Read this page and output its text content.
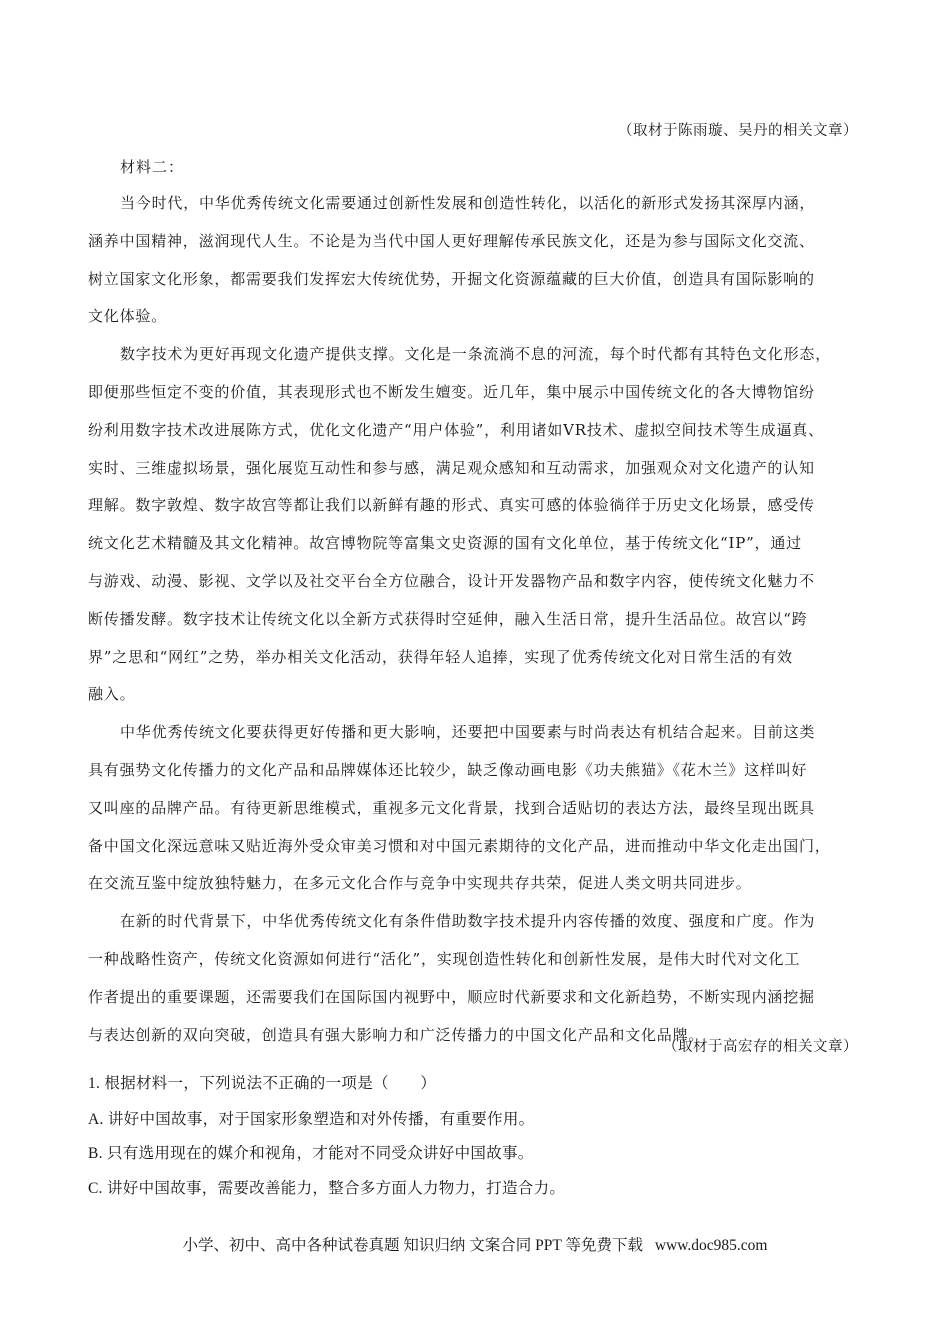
（取材于陈雨璇、吴丹的相关文章）
材料二：
当今时代，中华优秀传统文化需要通过创新性发展和创造性转化，以活化的新形式发扬其深厚内涵，
涵养中国精神，滋润现代人生。不论是为当代中国人更好理解传承民族文化，还是为参与国际文化交流、
树立国家文化形象，都需要我们发挥宏大传统优势，开掘文化资源蕴藏的巨大价值，创造具有国际影响的
文化体验。
数字技术为更好再现文化遗产提供支撑。文化是一条流淌不息的河流，每个时代都有其特色文化形态，
即便那些恒定不变的价值，其表现形式也不断发生嬗变。近几年，集中展示中国传统文化的各大博物馆纷
纷利用数字技术改进展陈方式，优化文化遗产“用户体验”，利用诸如VR技术、虚拟空间技术等生成逼真、
实时、三维虚拟场景，强化展览互动性和参与感，满足观众感知和互动需求，加强观众对文化遗产的认知
理解。数字敦煌、数字故宫等都让我们以新鲜有趣的形式、真实可感的体验徜徉于历史文化场景，感受传
统文化艺术精髓及其文化精神。故宫博物院等富集文史资源的国有文化单位，基于传统文化“IP”，通过
与游戏、动漫、影视、文学以及社交平台全方位融合，设计开发器物产品和数字内容，使传统文化魅力不
断传播发酵。数字技术让传统文化以全新方式获得时空延伸，融入生活日常，提升生活品位。故宫以“跨
界”之思和“网红”之势，举办相关文化活动，获得年轻人追捧，实现了优秀传统文化对日常生活的有效
融入。
中华优秀传统文化要获得更好传播和更大影响，还要把中国要素与时尚表达有机结合起来。目前这类
具有强势文化传播力的文化产品和品牌媒体还比较少，缺乏像动画电影《功夫熊猫》《花木兰》这样叫好
又叫座的品牌产品。有待更新思维模式，重视多元文化背景，找到合适贴切的表达方法，最终呈现出既具
备中国文化深远意味又贴近海外受众审美习惯和对中国元素期待的文化产品，进而推动中华文化走出国门，
在交流互鉴中绽放独特魅力，在多元文化合作与竞争中实现共存共荣，促进人类文明共同进步。
在新的时代背景下，中华优秀传统文化有条件借助数字技术提升内容传播的效度、强度和广度。作为
一种战略性资产，传统文化资源如何进行“活化”，实现创造性转化和创新性发展，是伟大时代对文化工
作者提出的重要课题，还需要我们在国际国内视野中，顺应时代新要求和文化新趋势，不断实现内涵挖掘
与表达创新的双向突破，创造具有强大影响力和广泛传播力的中国文化产品和文化品牌。
（取材于高宏存的相关文章）
1. 根据材料一，下列说法不正确的一项是（　　）
A. 讲好中国故事，对于国家形象塑造和对外传播，有重要作用。
B. 只有选用现在的媒介和视角，才能对不同受众讲好中国故事。
C. 讲好中国故事，需要改善能力，整合多方面人力物力，打造合力。
小学、初中、高中各种试卷真题 知识归纳 文案合同 PPT 等免费下载 www.doc985.com
